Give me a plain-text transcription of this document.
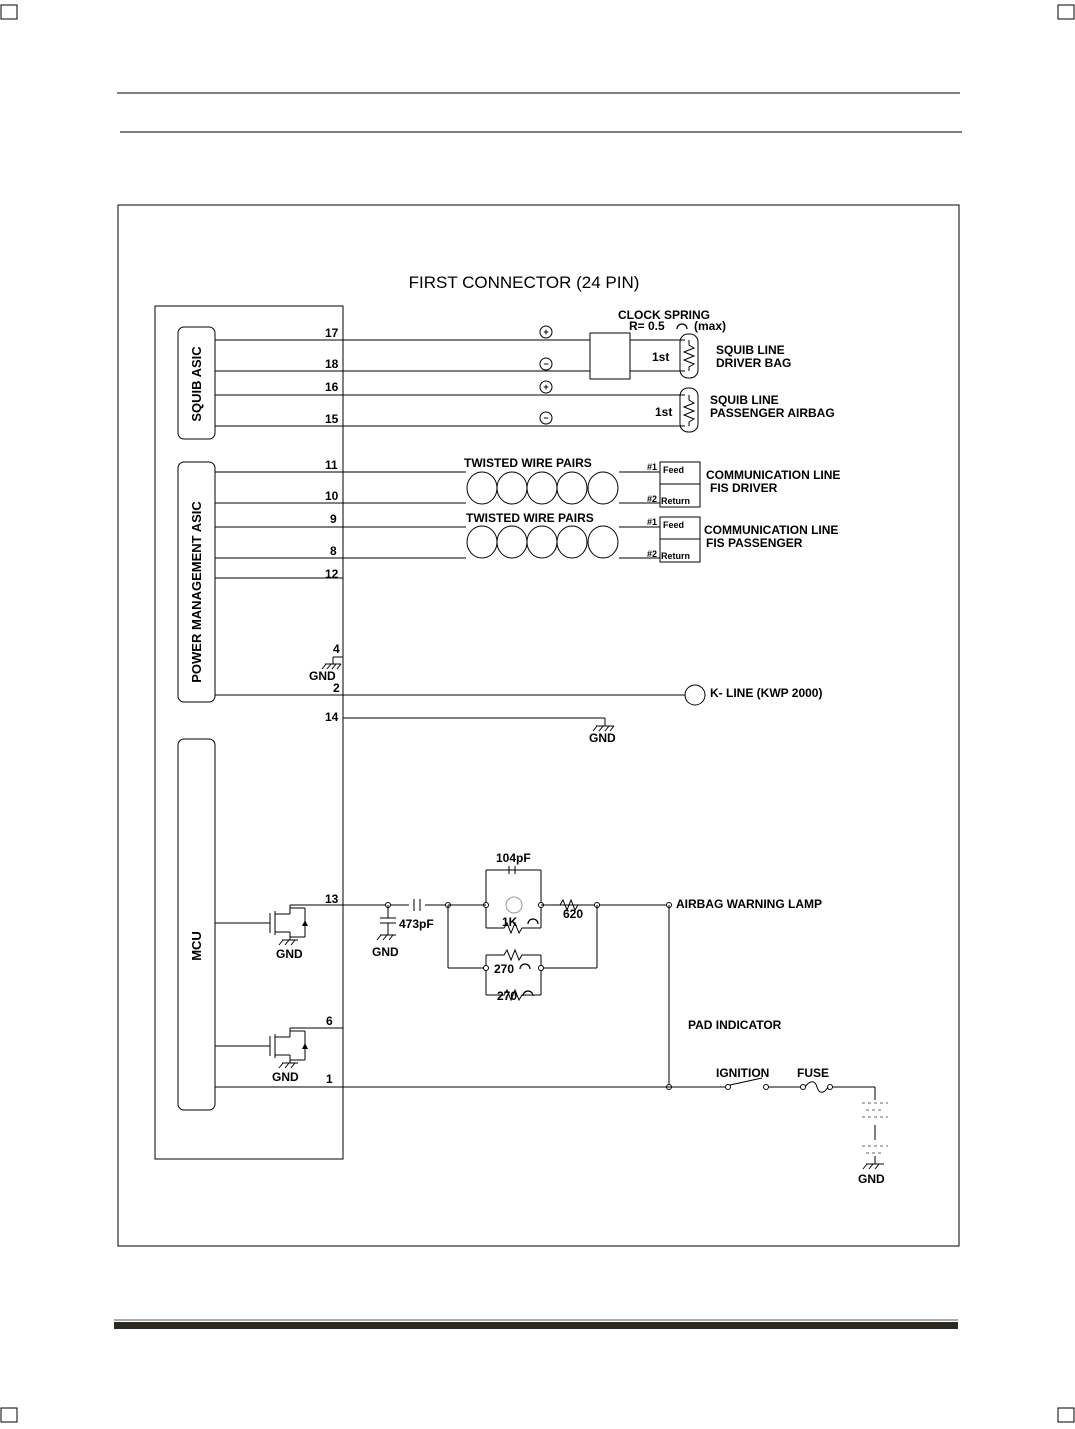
FIRST CONNECTOR (24 PIN)
SQUIB ASIC
POWER MANAGEMENT ASIC
MCU
17
18
16
15
+
−
+
−
CLOCK SPRING
R= 0.5 (max)
1st	SQUIB LINE
DRIVER BAG
1st
SQUIB LINE
PASSENGER AIRBAG
11
10
9
8
12
TWISTED WIRE PAIRS	#1 Feed
#2 Return
COMMUNICATION LINE
FIS DRIVER
TWISTED WIRE PAIRS	#1 Feed
#2 Return
COMMUNICATION LINE
FIS PASSENGER
4
GND
2	K- LINE (KWP 2000)
14
GND
13
GND
473pF
GND
104pF
1K
620
270
270
AIRBAG WARNING LAMP
PAD INDICATOR
6
GND 1	IGNITION FUSE
GND
